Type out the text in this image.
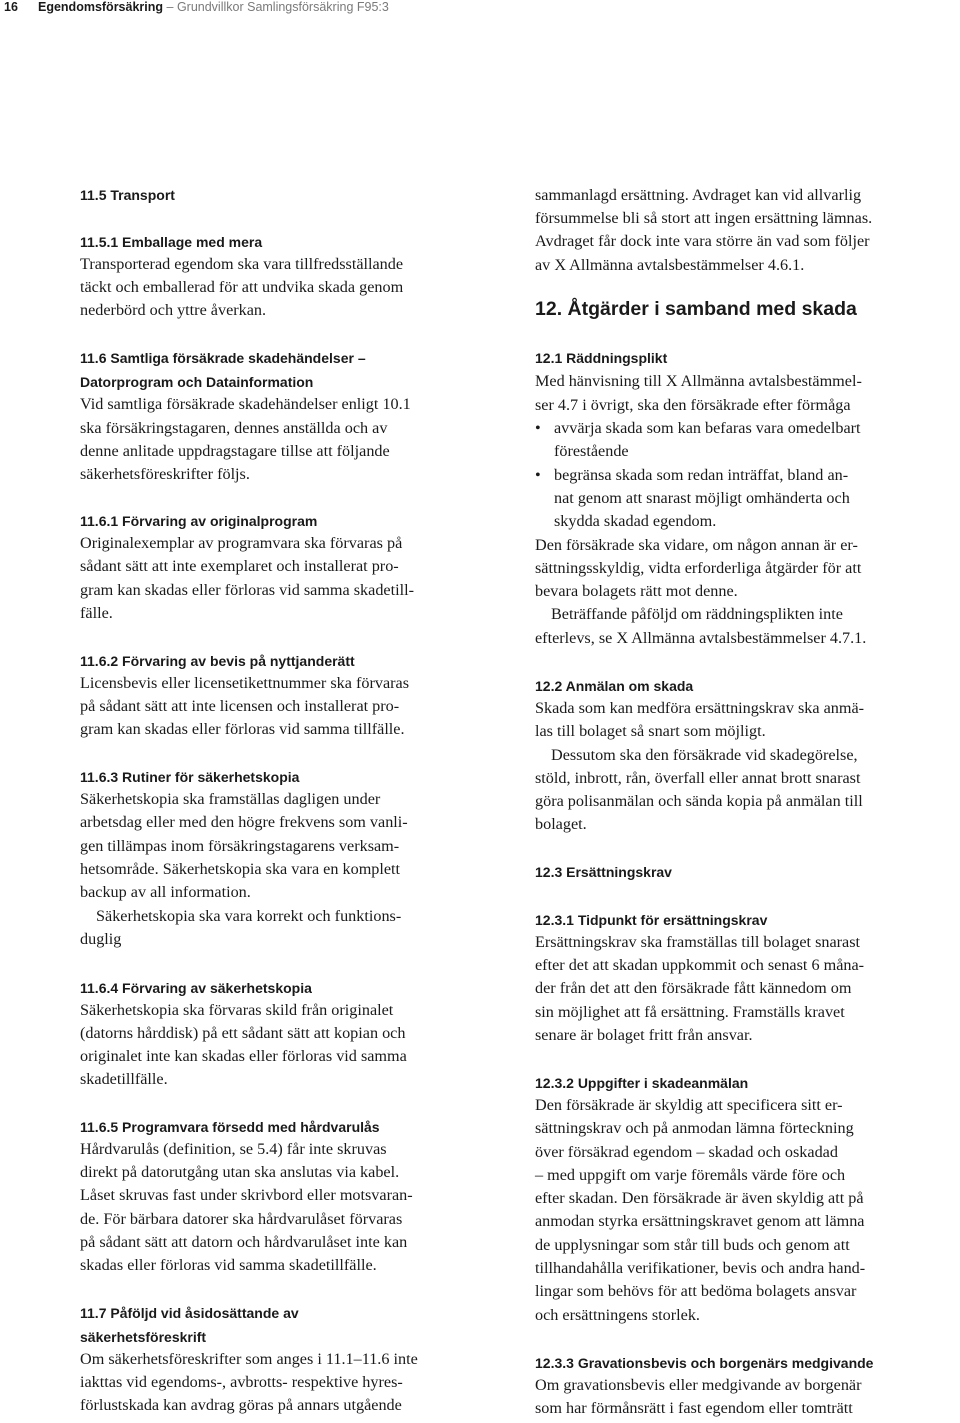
16 Egendomsförsäkring – Grundvillkor Samlingsförsäkring F95:3
11.5 Transport
11.5.1 Emballage med mera
Transporterad egendom ska vara tillfredsställande
täckt och emballerad för att undvika skada genom
nederbörd och yttre åverkan.
11.6 Samtliga försäkrade skadehändelser –
Datorprogram och Datainformation
Vid samtliga försäkrade skadehändelser enligt 10.1
ska försäkringstagaren, dennes anställda och av
denne anlitade uppdragstagare tillse att följande
säkerhetsföreskrifter följs.
11.6.1 Förvaring av originalprogram
Originalexemplar av programvara ska förvaras på
sådant sätt att inte exemplaret och installerat pro-
gram kan skadas eller förloras vid samma skadetill-
fälle.
11.6.2 Förvaring av bevis på nyttjanderätt
Licensbevis eller licensetikettnummer ska förvaras
på sådant sätt att inte licensen och installerat pro-
gram kan skadas eller förloras vid samma tillfälle.
11.6.3 Rutiner för säkerhetskopia
Säkerhetskopia ska framställas dagligen under
arbetsdag eller med den högre frekvens som vanli-
gen tillämpas inom försäkringstagarens verksam-
hetsområde. Säkerhetskopia ska vara en komplett
backup av all information.
Säkerhetskopia ska vara korrekt och funktions-
duglig
11.6.4 Förvaring av säkerhetskopia
Säkerhetskopia ska förvaras skild från originalet
(datorns hårddisk) på ett sådant sätt att kopian och
originalet inte kan skadas eller förloras vid samma
skadetillfälle.
11.6.5 Programvara försedd med hårdvarulås
Hårdvarulås (definition, se 5.4) får inte skruvas
direkt på datorutgång utan ska anslutas via kabel.
Låset skruvas fast under skrivbord eller motsvaran-
de. För bärbara datorer ska hårdvarulåset förvaras
på sådant sätt att datorn och hårdvarulåset inte kan
skadas eller förloras vid samma skadetillfälle.
11.7 Påföljd vid åsidosättande av
säkerhetsföreskrift
Om säkerhetsföreskrifter som anges i 11.1–11.6 inte
iakttas vid egendoms-, avbrotts- respektive hyres-
förlustskada kan avdrag göras på annars utgående
sammanlagd ersättning. Avdraget kan vid allvarlig
försummelse bli så stort att ingen ersättning lämnas.
Avdraget får dock inte vara större än vad som följer
av X Allmänna avtalsbestämmelser 4.6.1.
12. Åtgärder i samband med skada
12.1 Räddningsplikt
Med hänvisning till X Allmänna avtalsbestämmel-
ser 4.7 i övrigt, ska den försäkrade efter förmåga
• avvärja skada som kan befaras vara omedelbart
förestående
• begränsa skada som redan inträffat, bland an-
nat genom att snarast möjligt omhänderta och
skydda skadad egendom.
Den försäkrade ska vidare, om någon annan är er-
sättningsskyldig, vidta erforderliga åtgärder för att
bevara bolagets rätt mot denne.
Beträffande påföljd om räddningsplikten inte
efterlevs, se X Allmänna avtalsbestämmelser 4.7.1.
12.2 Anmälan om skada
Skada som kan medföra ersättningskrav ska anmä-
las till bolaget så snart som möjligt.
Dessutom ska den försäkrade vid skadegörelse,
stöld, inbrott, rån, överfall eller annat brott snarast
göra polisanmälan och sända kopia på anmälan till
bolaget.
12.3 Ersättningskrav
12.3.1 Tidpunkt för ersättningskrav
Ersättningskrav ska framställas till bolaget snarast
efter det att skadan uppkommit och senast 6 måna-
der från det att den försäkrade fått kännedom om
sin möjlighet att få ersättning. Framställs kravet
senare är bolaget fritt från ansvar.
12.3.2 Uppgifter i skadeanmälan
Den försäkrade är skyldig att specificera sitt er-
sättningskrav och på anmodan lämna förteckning
över försäkrad egendom – skadad och oskadad
– med uppgift om varje föremåls värde före och
efter skadan. Den försäkrade är även skyldig att på
anmodan styrka ersättningskravet genom att lämna
de upplysningar som står till buds och genom att
tillhandahålla verifikationer, bevis och andra hand-
lingar som behövs för att bedöma bolagets ansvar
och ersättningens storlek.
12.3.3 Gravationsbevis och borgenärs medgivande
Om gravationsbevis eller medgivande av borgenär
som har förmånsrätt i fast egendom eller tomträtt
